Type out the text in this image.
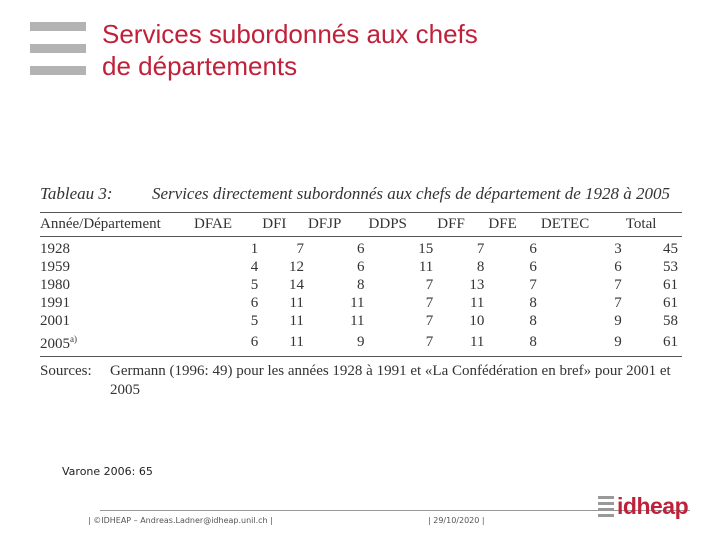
Services subordonnés aux chefs
de départements
Tableau 3:	Services directement subordonnés aux chefs de département de 1928 à 2005
Année/Département	DFAE	DFI	DFJP	DDPS	DFF	DFE	DETEC	Total
1928	1	7	6	15	7	6	3	45
1959	4	12	6	11	8	6	6	53
1980	5	14	8	7	13	7	7	61
1991	6	11	11	7	11	8	7	61
2001	5	11	11	7	10	8	9	58
2005$^{a)}$	6	11	9	7	11	8	9	61
Sources:	Germann (1996: 49) pour les années 1928 à 1991 et «La Confédération en bref» pour 2001 et 2005
Varone 2006: 65
| ©IDHEAP – Andreas.Ladner@idheap.unil.ch |	| 29/10/2020 |
idheap
